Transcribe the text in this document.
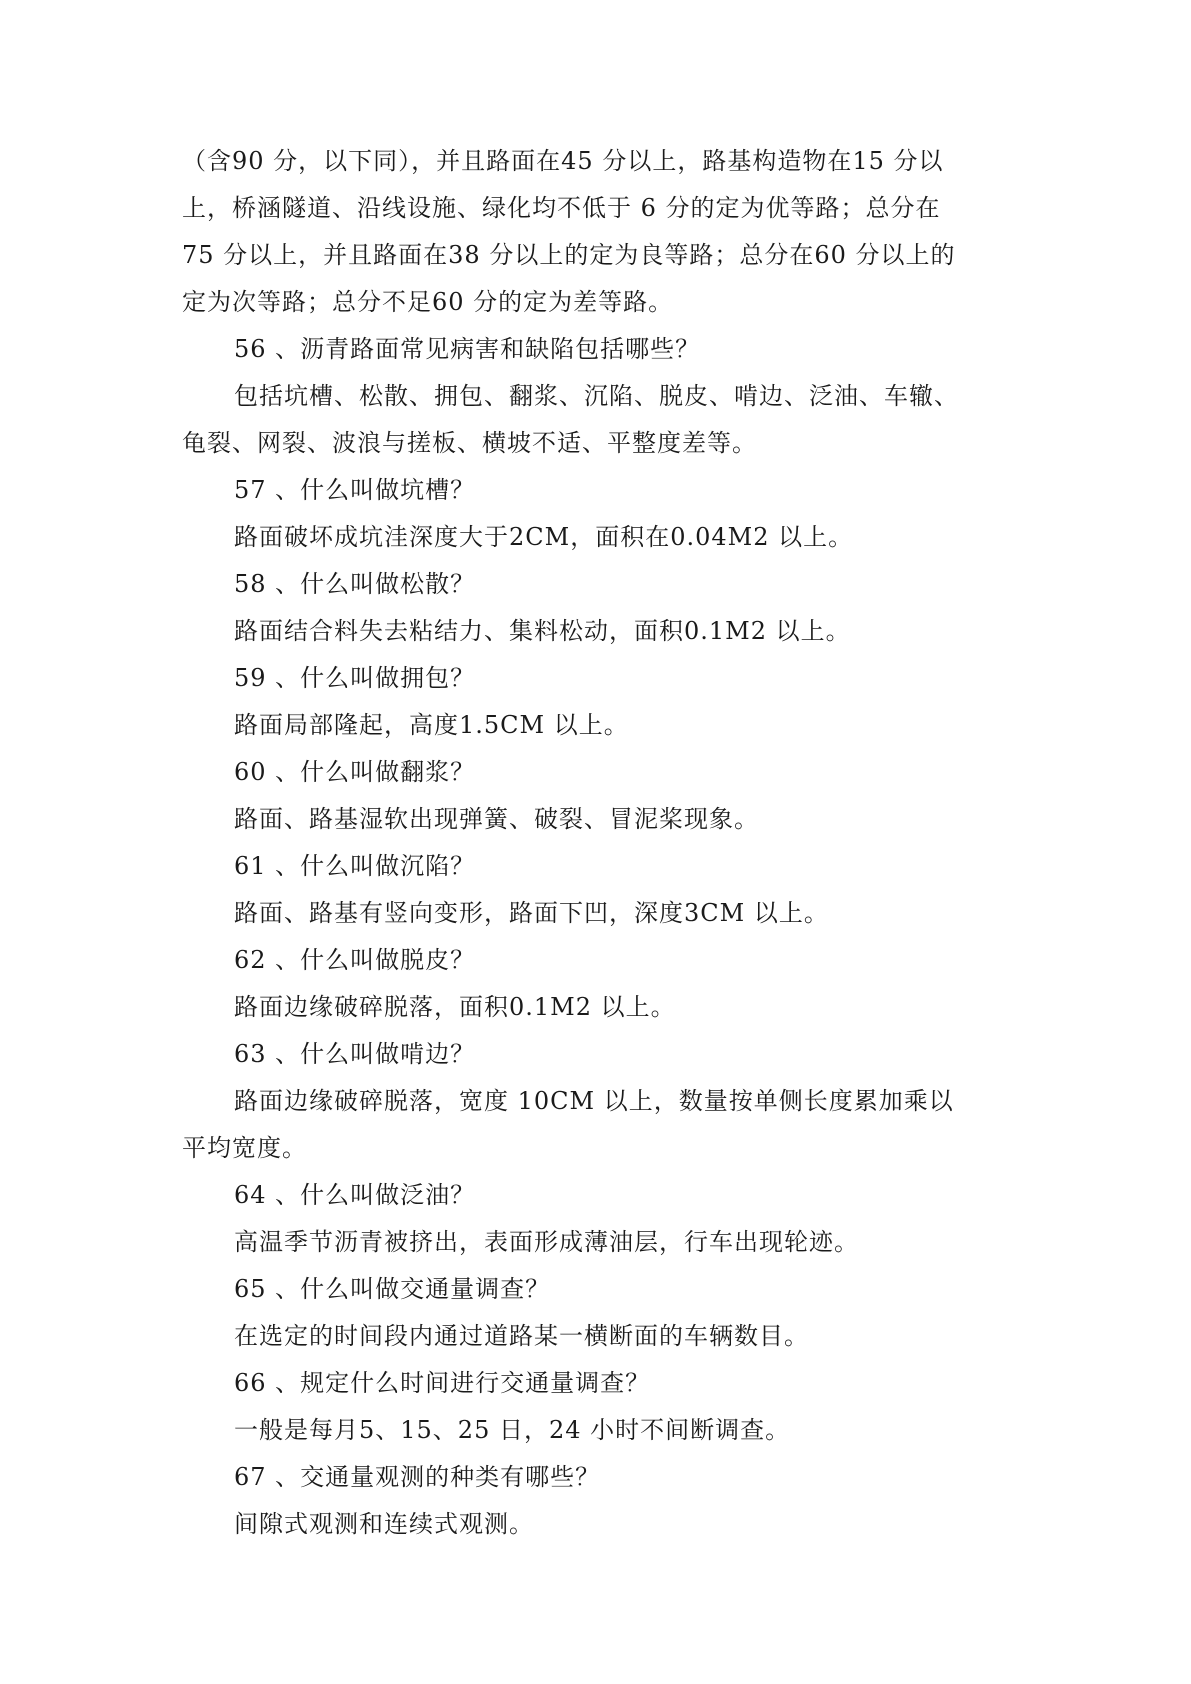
（含90 分，以下同），并且路面在45 分以上，路基构造物在15 分以

上，桥涵隧道、沿线设施、绿化均不低于 6 分的定为优等路；总分在

75 分以上，并且路面在38 分以上的定为良等路；总分在60 分以上的

定为次等路；总分不足60 分的定为差等路。

56 、沥青路面常见病害和缺陷包括哪些？

包括坑槽、松散、拥包、翻浆、沉陷、脱皮、啃边、泛油、车辙、

龟裂、网裂、波浪与搓板、横坡不适、平整度差等。

57 、什么叫做坑槽？

路面破坏成坑洼深度大于2CM，面积在0.04M2 以上。

58 、什么叫做松散？

路面结合料失去粘结力、集料松动，面积0.1M2 以上。

59 、什么叫做拥包？

路面局部隆起，高度1.5CM 以上。

60 、什么叫做翻浆？

路面、路基湿软出现弹簧、破裂、冒泥桨现象。

61 、什么叫做沉陷？

路面、路基有竖向变形，路面下凹，深度3CM 以上。

62 、什么叫做脱皮？

路面边缘破碎脱落，面积0.1M2 以上。

63 、什么叫做啃边？

路面边缘破碎脱落，宽度 10CM 以上，数量按单侧长度累加乘以

平均宽度。

64 、什么叫做泛油？

高温季节沥青被挤出，表面形成薄油层，行车出现轮迹。

65 、什么叫做交通量调查？

在选定的时间段内通过道路某一横断面的车辆数目。

66 、规定什么时间进行交通量调查？

一般是每月5、15、25 日，24 小时不间断调查。

67 、交通量观测的种类有哪些？

间隙式观测和连续式观测。
